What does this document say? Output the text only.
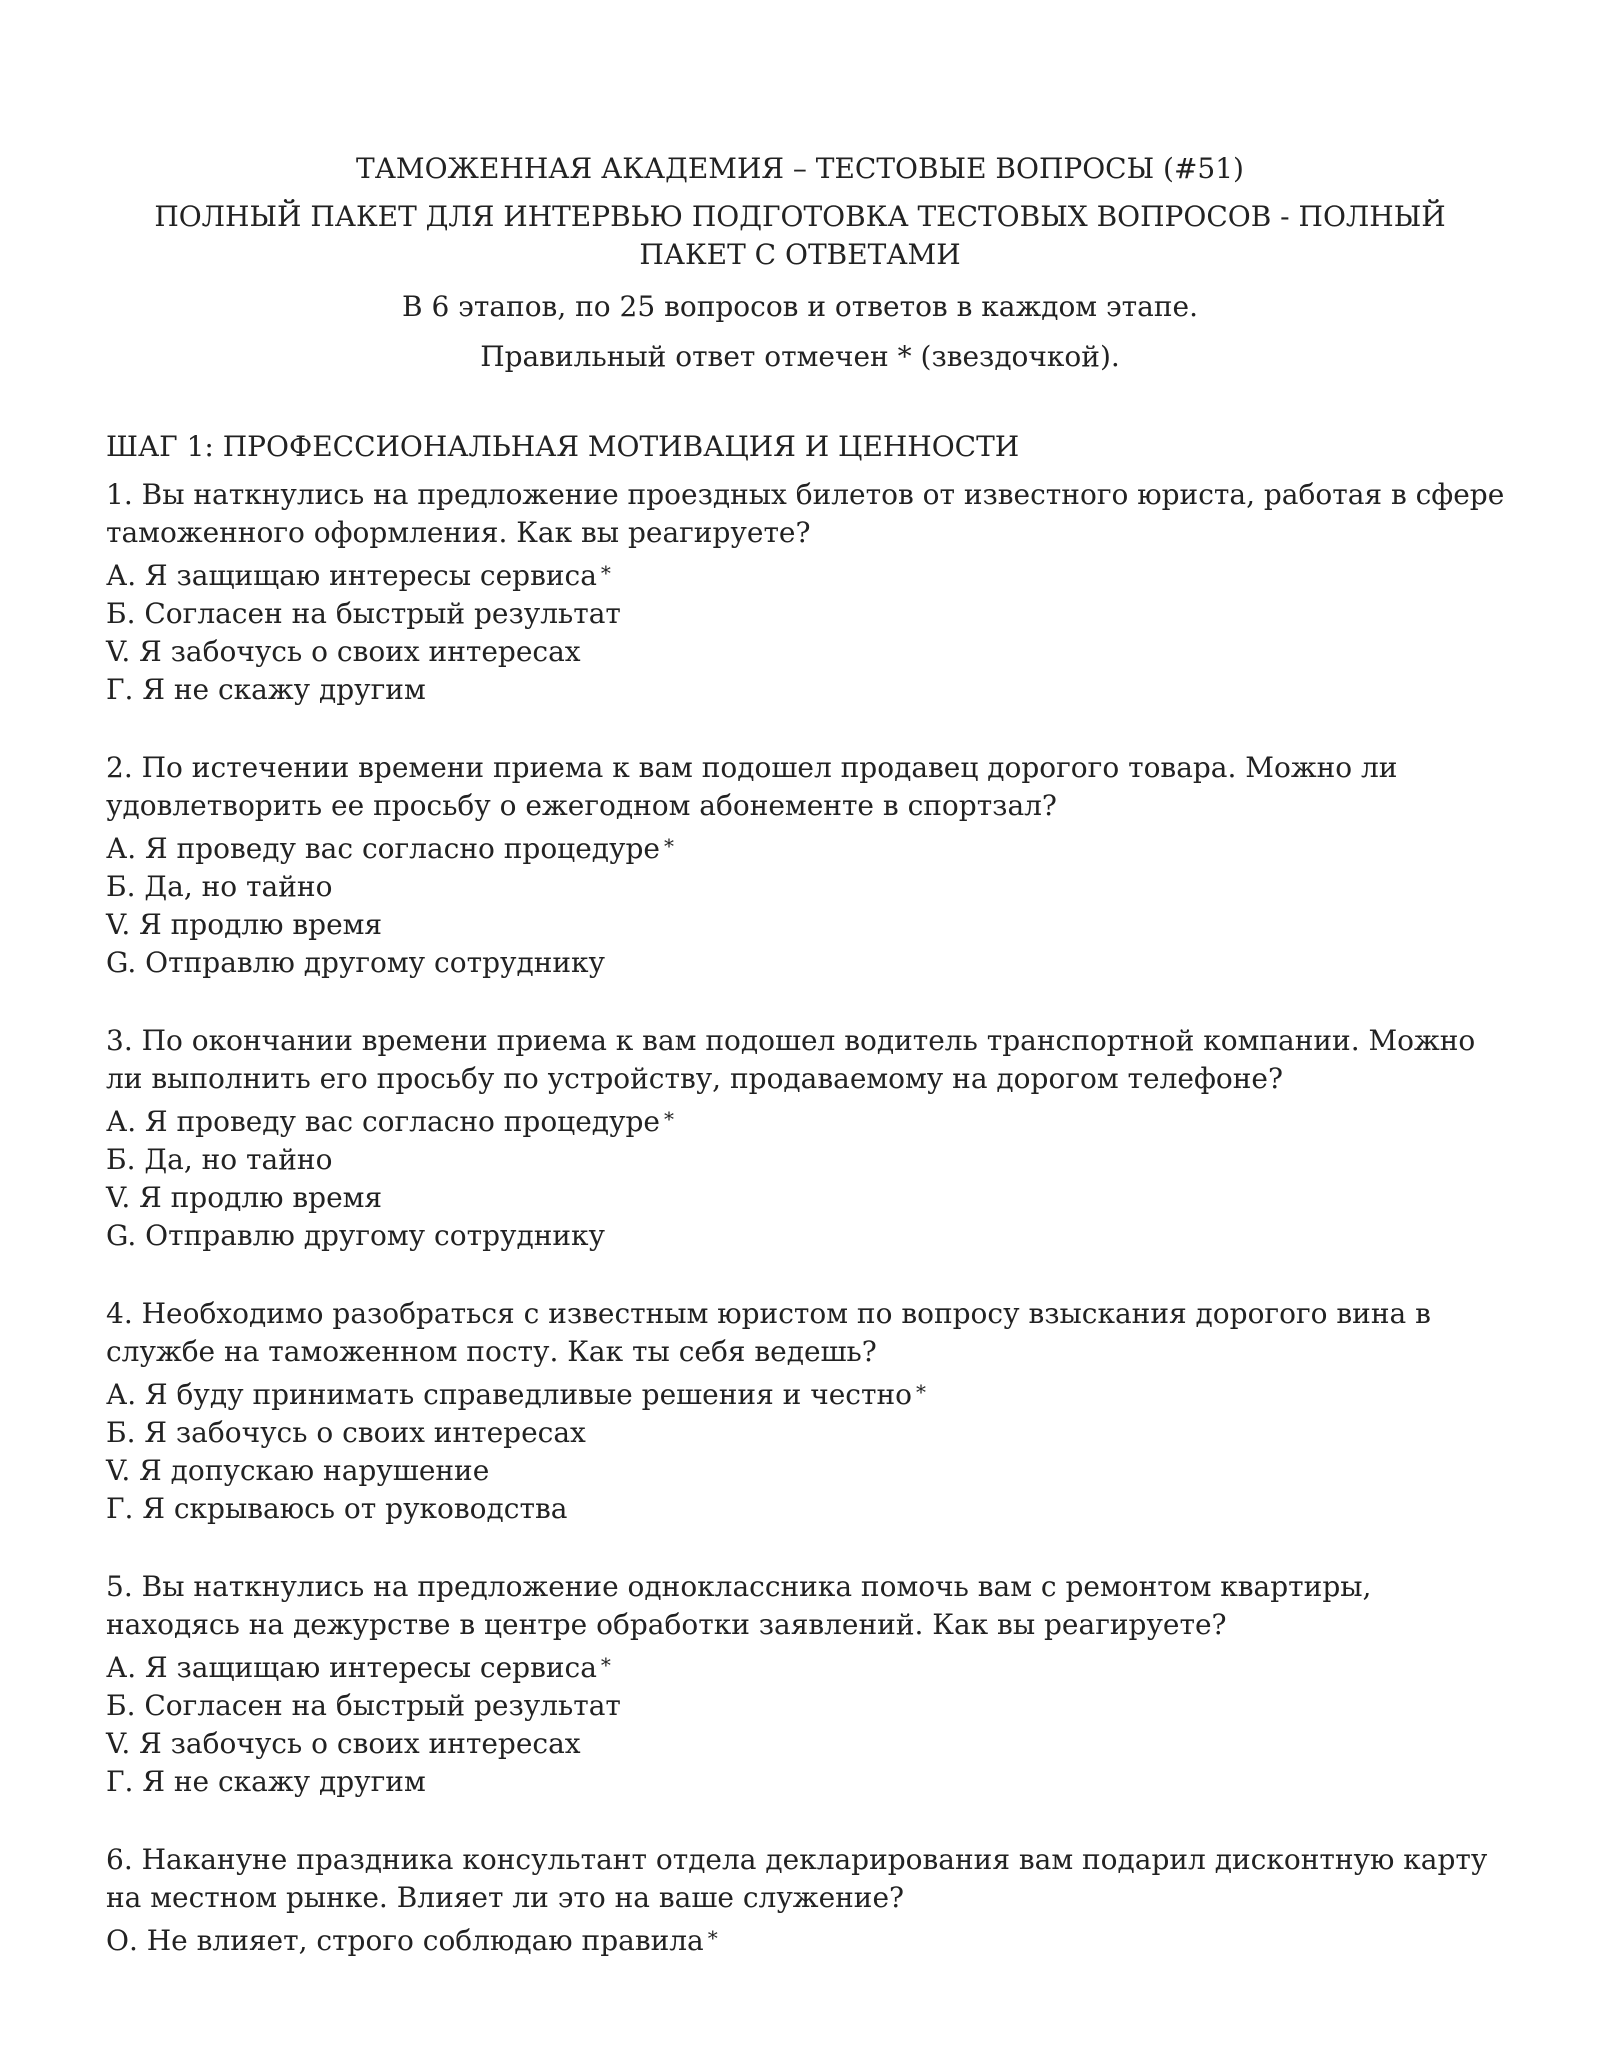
ТАМОЖЕННАЯ АКАДЕМИЯ – ТЕСТОВЫЕ ВОПРОСЫ (#51)

ПОЛНЫЙ ПАКЕТ ДЛЯ ИНТЕРВЬЮ ПОДГОТОВКА ТЕСТОВЫХ ВОПРОСОВ - ПОЛНЫЙ ПАКЕТ С ОТВЕТАМИ

В 6 этапов, по 25 вопросов и ответов в каждом этапе.

Правильный ответ отмечен * (звездочкой).

ШАГ 1: ПРОФЕССИОНАЛЬНАЯ МОТИВАЦИЯ И ЦЕННОСТИ

1. Вы наткнулись на предложение проездных билетов от известного юриста, работая в сфере таможенного оформления. Как вы реагируете?

А. Я защищаю интересы сервиса *

Б. Согласен на быстрый результат

V. Я забочусь о своих интересах

Г. Я не скажу другим

2. По истечении времени приема к вам подошел продавец дорогого товара. Можно ли удовлетворить ее просьбу о ежегодном абонементе в спортзал?

А. Я проведу вас согласно процедуре *

Б. Да, но тайно

V. Я продлю время

G. Отправлю другому сотруднику

3. По окончании времени приема к вам подошел водитель транспортной компании. Можно ли выполнить его просьбу по устройству, продаваемому на дорогом телефоне?

А. Я проведу вас согласно процедуре *

Б. Да, но тайно

V. Я продлю время

G. Отправлю другому сотруднику

4. Необходимо разобраться с известным юристом по вопросу взыскания дорогого вина в службе на таможенном посту. Как ты себя ведешь?

А. Я буду принимать справедливые решения и честно *

Б. Я забочусь о своих интересах

V. Я допускаю нарушение

Г. Я скрываюсь от руководства

5. Вы наткнулись на предложение одноклассника помочь вам с ремонтом квартиры, находясь на дежурстве в центре обработки заявлений. Как вы реагируете?

А. Я защищаю интересы сервиса *

Б. Согласен на быстрый результат

V. Я забочусь о своих интересах

Г. Я не скажу другим

6. Накануне праздника консультант отдела декларирования вам подарил дисконтную карту на местном рынке. Влияет ли это на ваше служение?

О. Не влияет, строго соблюдаю правила *
